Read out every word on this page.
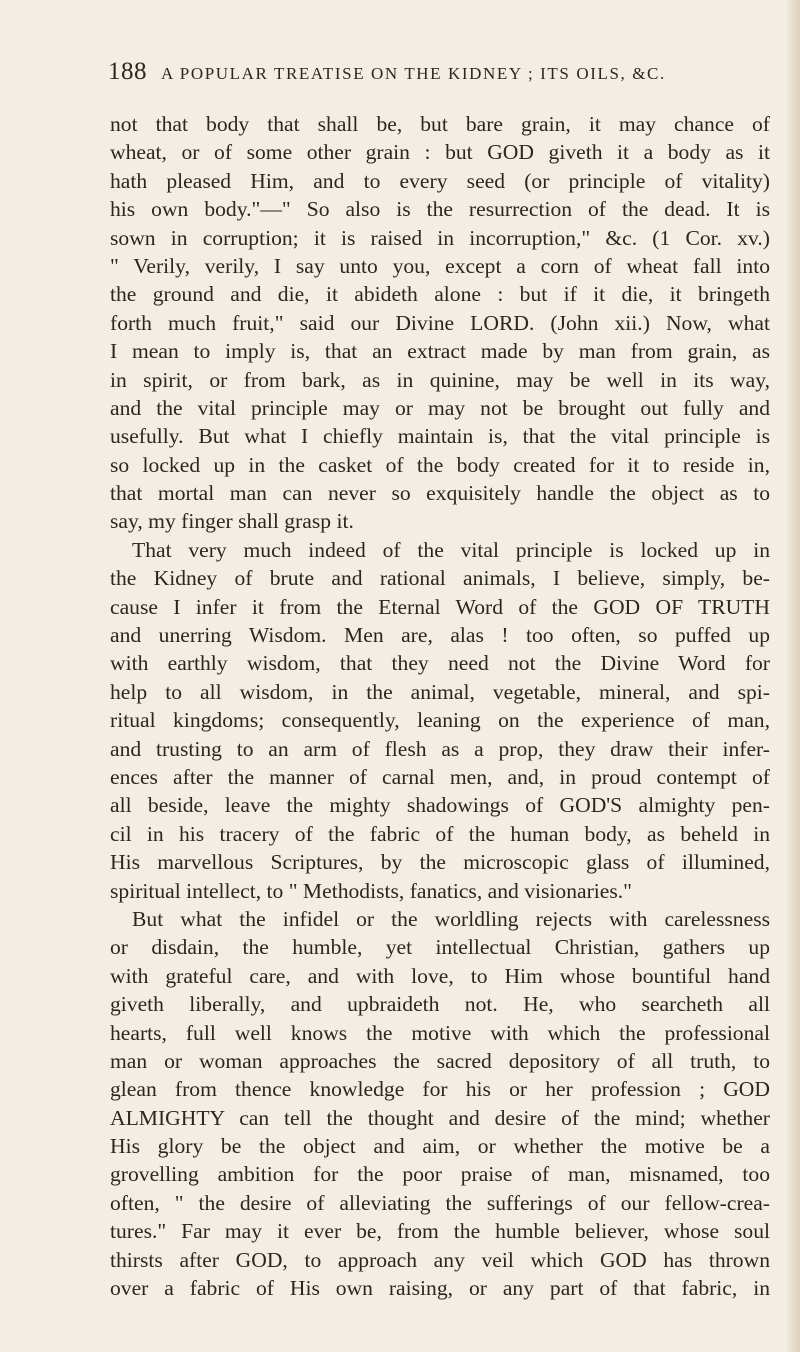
188 A POPULAR TREATISE ON THE KIDNEY ; ITS OILS, &C.
not that body that shall be, but bare grain, it may chance of
wheat, or of some other grain : but GOD giveth it a body as it
hath pleased Him, and to every seed (or principle of vitality)
his own body."—" So also is the resurrection of the dead. It is
sown in corruption; it is raised in incorruption," &c. (1 Cor. xv.)
" Verily, verily, I say unto you, except a corn of wheat fall into
the ground and die, it abideth alone : but if it die, it bringeth
forth much fruit," said our Divine LORD. (John xii.) Now, what
I mean to imply is, that an extract made by man from grain, as
in spirit, or from bark, as in quinine, may be well in its way,
and the vital principle may or may not be brought out fully and
usefully. But what I chiefly maintain is, that the vital principle is
so locked up in the casket of the body created for it to reside in,
that mortal man can never so exquisitely handle the object as to
say, my finger shall grasp it.
That very much indeed of the vital principle is locked up in
the Kidney of brute and rational animals, I believe, simply, be-
cause I infer it from the Eternal Word of the GOD OF TRUTH
and unerring Wisdom. Men are, alas ! too often, so puffed up
with earthly wisdom, that they need not the Divine Word for
help to all wisdom, in the animal, vegetable, mineral, and spi-
ritual kingdoms; consequently, leaning on the experience of man,
and trusting to an arm of flesh as a prop, they draw their infer-
ences after the manner of carnal men, and, in proud contempt of
all beside, leave the mighty shadowings of GOD'S almighty pen-
cil in his tracery of the fabric of the human body, as beheld in
His marvellous Scriptures, by the microscopic glass of illumined,
spiritual intellect, to " Methodists, fanatics, and visionaries."
But what the infidel or the worldling rejects with carelessness
or disdain, the humble, yet intellectual Christian, gathers up
with grateful care, and with love, to Him whose bountiful hand
giveth liberally, and upbraideth not. He, who searcheth all
hearts, full well knows the motive with which the professional
man or woman approaches the sacred depository of all truth, to
glean from thence knowledge for his or her profession ; GOD
ALMIGHTY can tell the thought and desire of the mind; whether
His glory be the object and aim, or whether the motive be a
grovelling ambition for the poor praise of man, misnamed, too
often, " the desire of alleviating the sufferings of our fellow-crea-
tures." Far may it ever be, from the humble believer, whose soul
thirsts after GOD, to approach any veil which GOD has thrown
over a fabric of His own raising, or any part of that fabric, in
